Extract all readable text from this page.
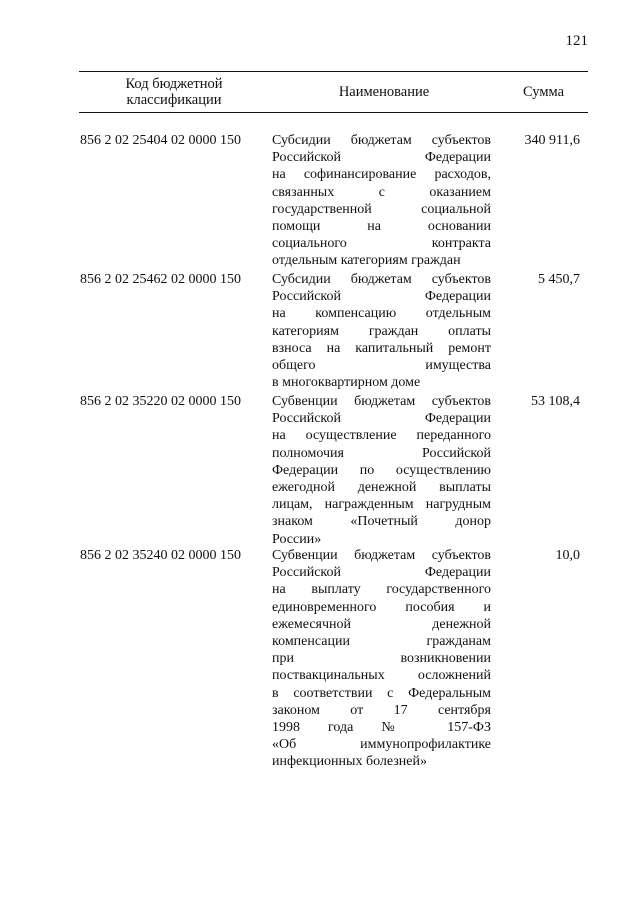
121
Код бюджетной
классификации	Наименование	Сумма
856 2 02 25404 02 0000 150	Субсидии бюджетам субъектов
Российской Федерации
на софинансирование расходов,
связанных с оказанием
государственной социальной
помощи на основании
социального контракта
отдельным категориям граждан
340 911,6
856 2 02 25462 02 0000 150	Субсидии бюджетам субъектов
Российской Федерации
на компенсацию отдельным
категориям граждан оплаты
взноса на капитальный ремонт
общего имущества
в многоквартирном доме
5 450,7
856 2 02 35220 02 0000 150	Субвенции бюджетам субъектов
Российской Федерации
на осуществление переданного
полномочия Российской
Федерации по осуществлению
ежегодной денежной выплаты
лицам, награжденным нагрудным
знаком «Почетный донор
России»
53 108,4
856 2 02 35240 02 0000 150	Субвенции бюджетам субъектов
Российской Федерации
на выплату государственного
единовременного пособия и
ежемесячной денежной
компенсации гражданам
при возникновении
поствакцинальных осложнений
в соответствии с Федеральным
законом от 17 сентября
1998 года № 157-ФЗ
«Об иммунопрофилактике
инфекционных болезней»
10,0
